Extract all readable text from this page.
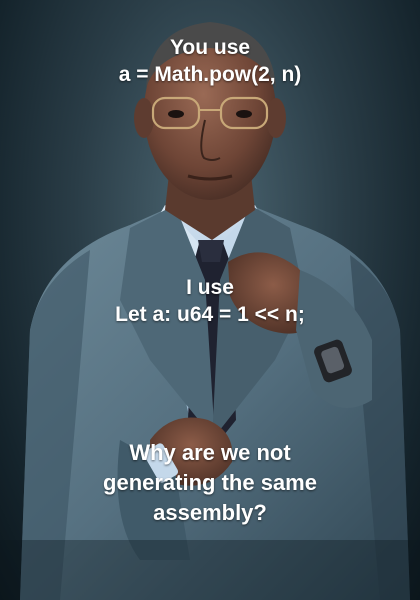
You use
a = Math.pow(2, n)
I use
Let a: u64 = 1 << n;
Why are we not
generating the same
assembly?
